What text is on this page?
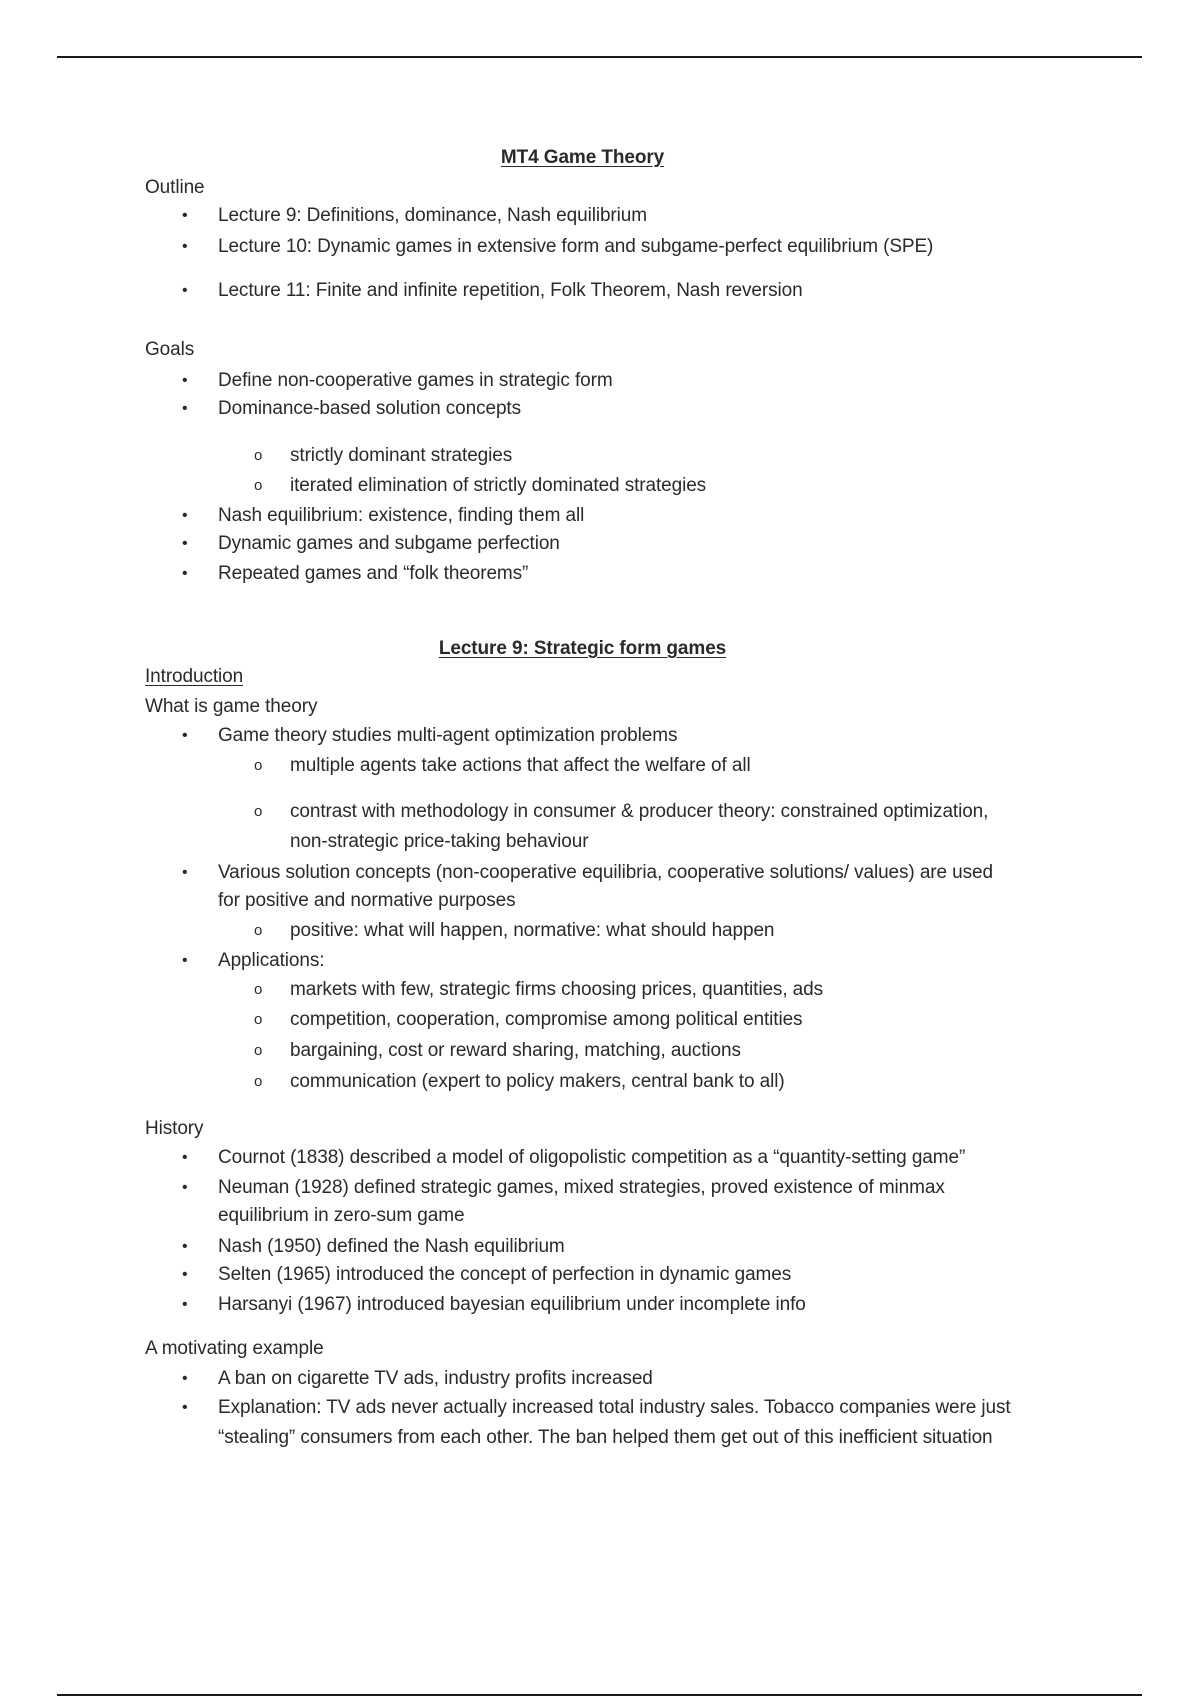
MT4 Game Theory
Outline
• Lecture 9: Definitions, dominance, Nash equilibrium
• Lecture 10: Dynamic games in extensive form and subgame-perfect equilibrium (SPE)
• Lecture 11: Finite and infinite repetition, Folk Theorem, Nash reversion
Goals
• Define non-cooperative games in strategic form
• Dominance-based solution concepts
o strictly dominant strategies
o iterated elimination of strictly dominated strategies
• Nash equilibrium: existence, finding them all
• Dynamic games and subgame perfection
• Repeated games and “folk theorems”
Lecture 9: Strategic form games
Introduction
What is game theory
• Game theory studies multi-agent optimization problems
o multiple agents take actions that affect the welfare of all
o contrast with methodology in consumer & producer theory: constrained optimization,
non-strategic price-taking behaviour
• Various solution concepts (non-cooperative equilibria, cooperative solutions/ values) are used
for positive and normative purposes
o positive: what will happen, normative: what should happen
• Applications:
o markets with few, strategic firms choosing prices, quantities, ads
o competition, cooperation, compromise among political entities
o bargaining, cost or reward sharing, matching, auctions
o communication (expert to policy makers, central bank to all)
History
• Cournot (1838) described a model of oligopolistic competition as a “quantity-setting game”
• Neuman (1928) defined strategic games, mixed strategies, proved existence of minmax
equilibrium in zero-sum game
• Nash (1950) defined the Nash equilibrium
• Selten (1965) introduced the concept of perfection in dynamic games
• Harsanyi (1967) introduced bayesian equilibrium under incomplete info
A motivating example
• A ban on cigarette TV ads, industry profits increased
• Explanation: TV ads never actually increased total industry sales. Tobacco companies were just
“stealing” consumers from each other. The ban helped them get out of this inefficient situation
